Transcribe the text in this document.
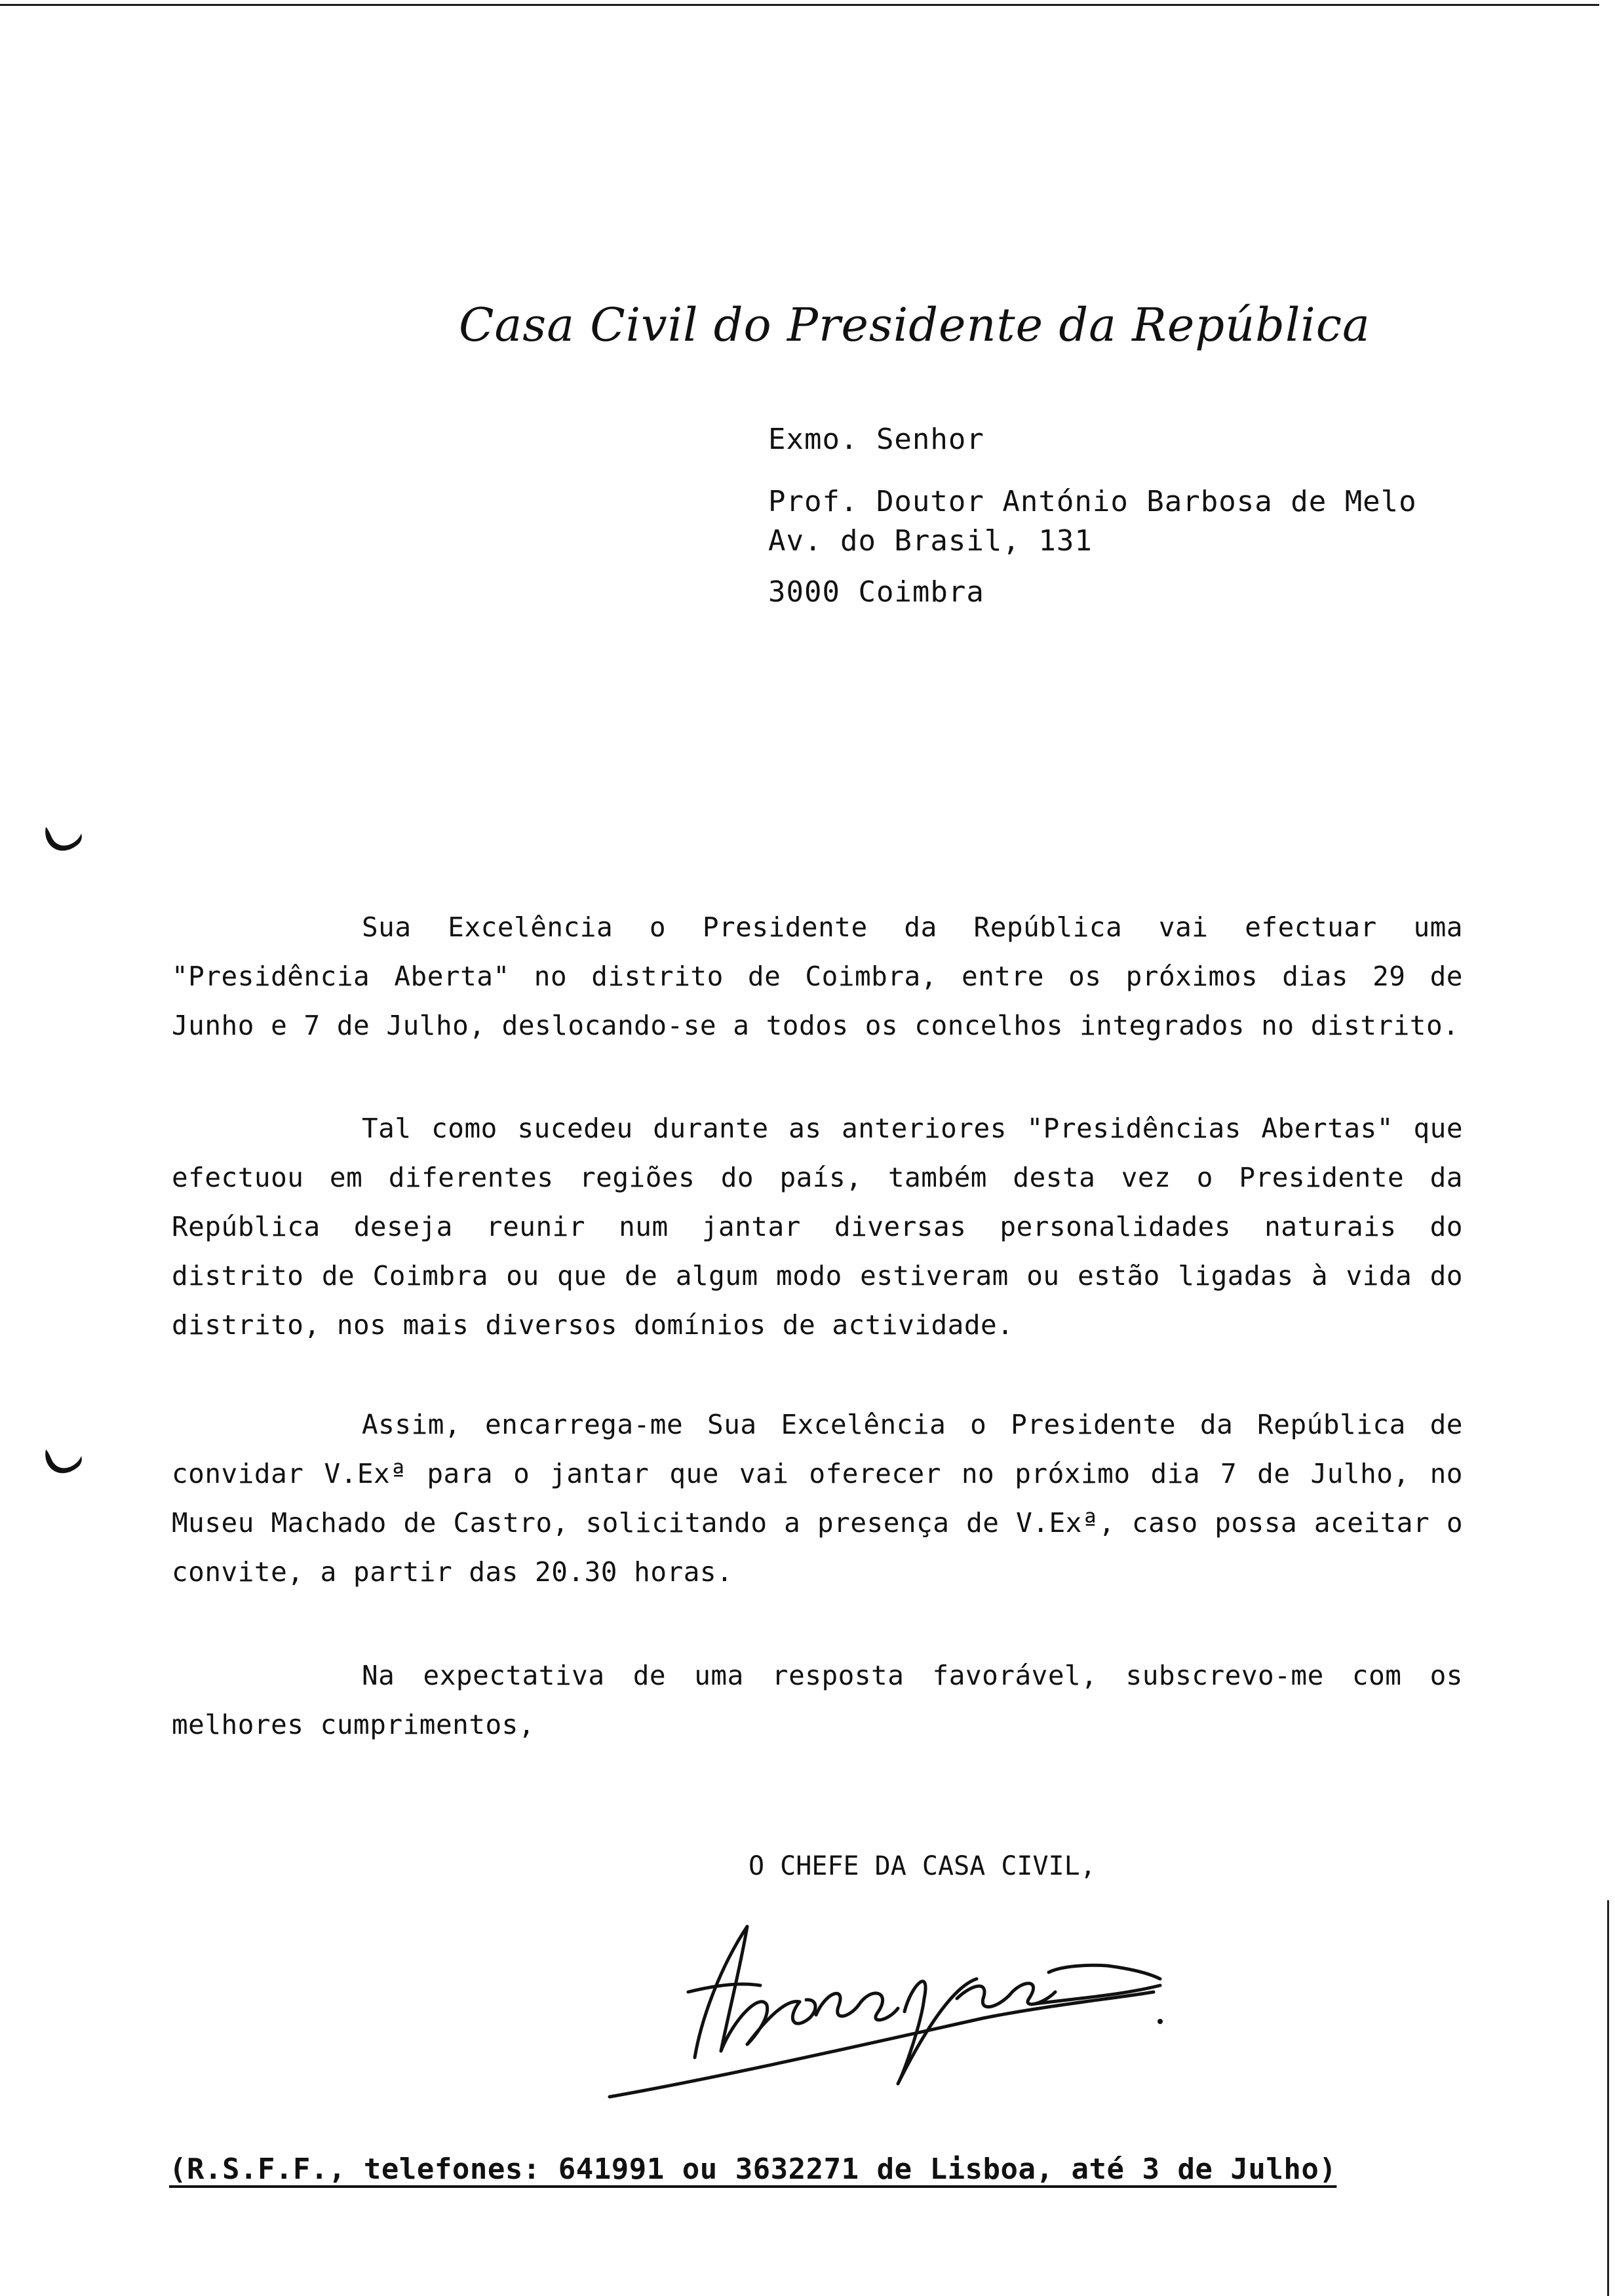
Casa Civil do Presidente da República
Exmo. Senhor
Prof. Doutor António Barbosa de Melo
Av. do Brasil, 131
3000 Coimbra

Sua Excelência o Presidente da República vai efectuar uma "Presidência Aberta" no distrito de Coimbra, entre os próximos dias 29 de Junho e 7 de Julho, deslocando-se a todos os concelhos integrados no distrito.

Tal como sucedeu durante as anteriores "Presidências Abertas" que efectuou em diferentes regiões do país, também desta vez o Presidente da República deseja reunir num jantar diversas personalidades naturais do distrito de Coimbra ou que de algum modo estiveram ou estão ligadas à vida do distrito, nos mais diversos domínios de actividade.

Assim, encarrega-me Sua Excelência o Presidente da República de convidar V.Exª para o jantar que vai oferecer no próximo dia 7 de Julho, no Museu Machado de Castro, solicitando a presença de V.Exª, caso possa aceitar o convite, a partir das 20.30 horas.

Na expectativa de uma resposta favorável, subscrevo-me com os melhores cumprimentos,

O CHEFE DA CASA CIVIL,
(R.S.F.F., telefones: 641991 ou 3632271 de Lisboa, até 3 de Julho)
